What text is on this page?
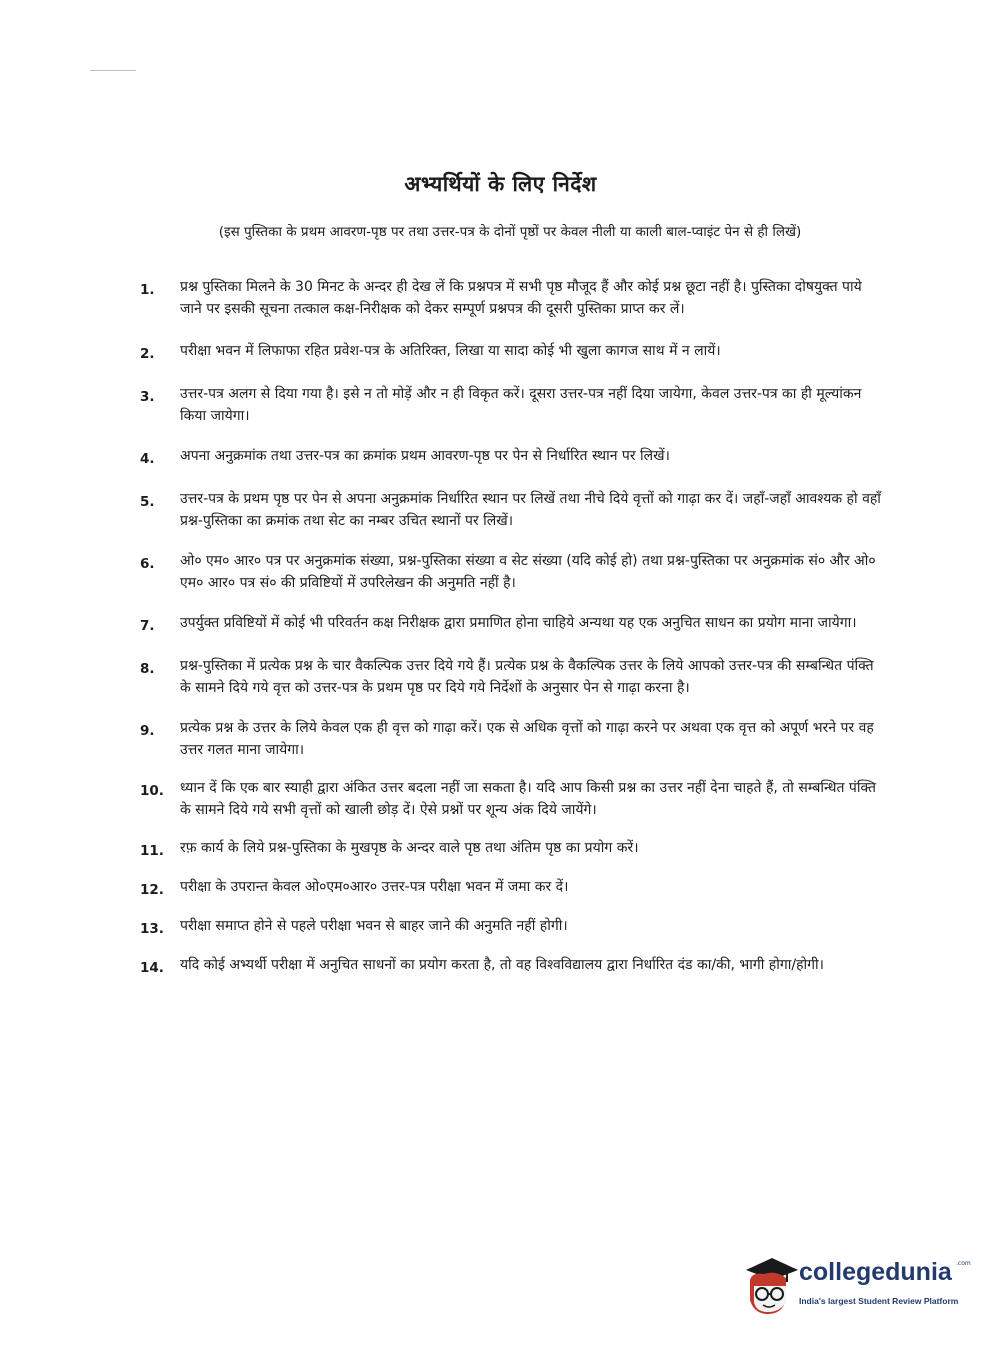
अभ्यर्थियों के लिए निर्देश
(इस पुस्तिका के प्रथम आवरण-पृष्ठ पर तथा उत्तर-पत्र के दोनों पृष्ठों पर केवल नीली या काली बाल-प्वाइंट पेन से ही लिखें)
1.	प्रश्न पुस्तिका मिलने के 30 मिनट के अन्दर ही देख लें कि प्रश्नपत्र में सभी पृष्ठ मौजूद हैं और कोई प्रश्न छूटा नहीं है। पुस्तिका दोषयुक्त पाये जाने पर इसकी सूचना तत्काल कक्ष-निरीक्षक को देकर सम्पूर्ण प्रश्नपत्र की दूसरी पुस्तिका प्राप्त कर लें।
2.	परीक्षा भवन में लिफाफा रहित प्रवेश-पत्र के अतिरिक्त, लिखा या सादा कोई भी खुला कागज साथ में न लायें।
3.	उत्तर-पत्र अलग से दिया गया है। इसे न तो मोड़ें और न ही विकृत करें। दूसरा उत्तर-पत्र नहीं दिया जायेगा, केवल उत्तर-पत्र का ही मूल्यांकन किया जायेगा।
4.	अपना अनुक्रमांक तथा उत्तर-पत्र का क्रमांक प्रथम आवरण-पृष्ठ पर पेन से निर्धारित स्थान पर लिखें।
5.	उत्तर-पत्र के प्रथम पृष्ठ पर पेन से अपना अनुक्रमांक निर्धारित स्थान पर लिखें तथा नीचे दिये वृत्तों को गाढ़ा कर दें। जहाँ-जहाँ आवश्यक हो वहाँ प्रश्न-पुस्तिका का क्रमांक तथा सेट का नम्बर उचित स्थानों पर लिखें।
6.	ओ० एम० आर० पत्र पर अनुक्रमांक संख्या, प्रश्न-पुस्तिका संख्या व सेट संख्या (यदि कोई हो) तथा प्रश्न-पुस्तिका पर अनुक्रमांक सं० और ओ० एम० आर० पत्र सं० की प्रविष्टियों में उपरिलेखन की अनुमति नहीं है।
7.	उपर्युक्त प्रविष्टियों में कोई भी परिवर्तन कक्ष निरीक्षक द्वारा प्रमाणित होना चाहिये अन्यथा यह एक अनुचित साधन का प्रयोग माना जायेगा।
8.	प्रश्न-पुस्तिका में प्रत्येक प्रश्न के चार वैकल्पिक उत्तर दिये गये हैं। प्रत्येक प्रश्न के वैकल्पिक उत्तर के लिये आपको उत्तर-पत्र की सम्बन्धित पंक्ति के सामने दिये गये वृत्त को उत्तर-पत्र के प्रथम पृष्ठ पर दिये गये निर्देशों के अनुसार पेन से गाढ़ा करना है।
9.	प्रत्येक प्रश्न के उत्तर के लिये केवल एक ही वृत्त को गाढ़ा करें। एक से अधिक वृत्तों को गाढ़ा करने पर अथवा एक वृत्त को अपूर्ण भरने पर वह उत्तर गलत माना जायेगा।
10.	ध्यान दें कि एक बार स्याही द्वारा अंकित उत्तर बदला नहीं जा सकता है। यदि आप किसी प्रश्न का उत्तर नहीं देना चाहते हैं, तो सम्बन्धित पंक्ति के सामने दिये गये सभी वृत्तों को खाली छोड़ दें। ऐसे प्रश्नों पर शून्य अंक दिये जायेंगे।
11.	रफ़ कार्य के लिये प्रश्न-पुस्तिका के मुखपृष्ठ के अन्दर वाले पृष्ठ तथा अंतिम पृष्ठ का प्रयोग करें।
12.	परीक्षा के उपरान्त केवल ओ०एम०आर० उत्तर-पत्र परीक्षा भवन में जमा कर दें।
13.	परीक्षा समाप्त होने से पहले परीक्षा भवन से बाहर जाने की अनुमति नहीं होगी।
14.	यदि कोई अभ्यर्थी परीक्षा में अनुचित साधनों का प्रयोग करता है, तो वह विश्वविद्यालय द्वारा निर्धारित दंड का/की, भागी होगा/होगी।
collegedunia .com
India's largest Student Review Platform
